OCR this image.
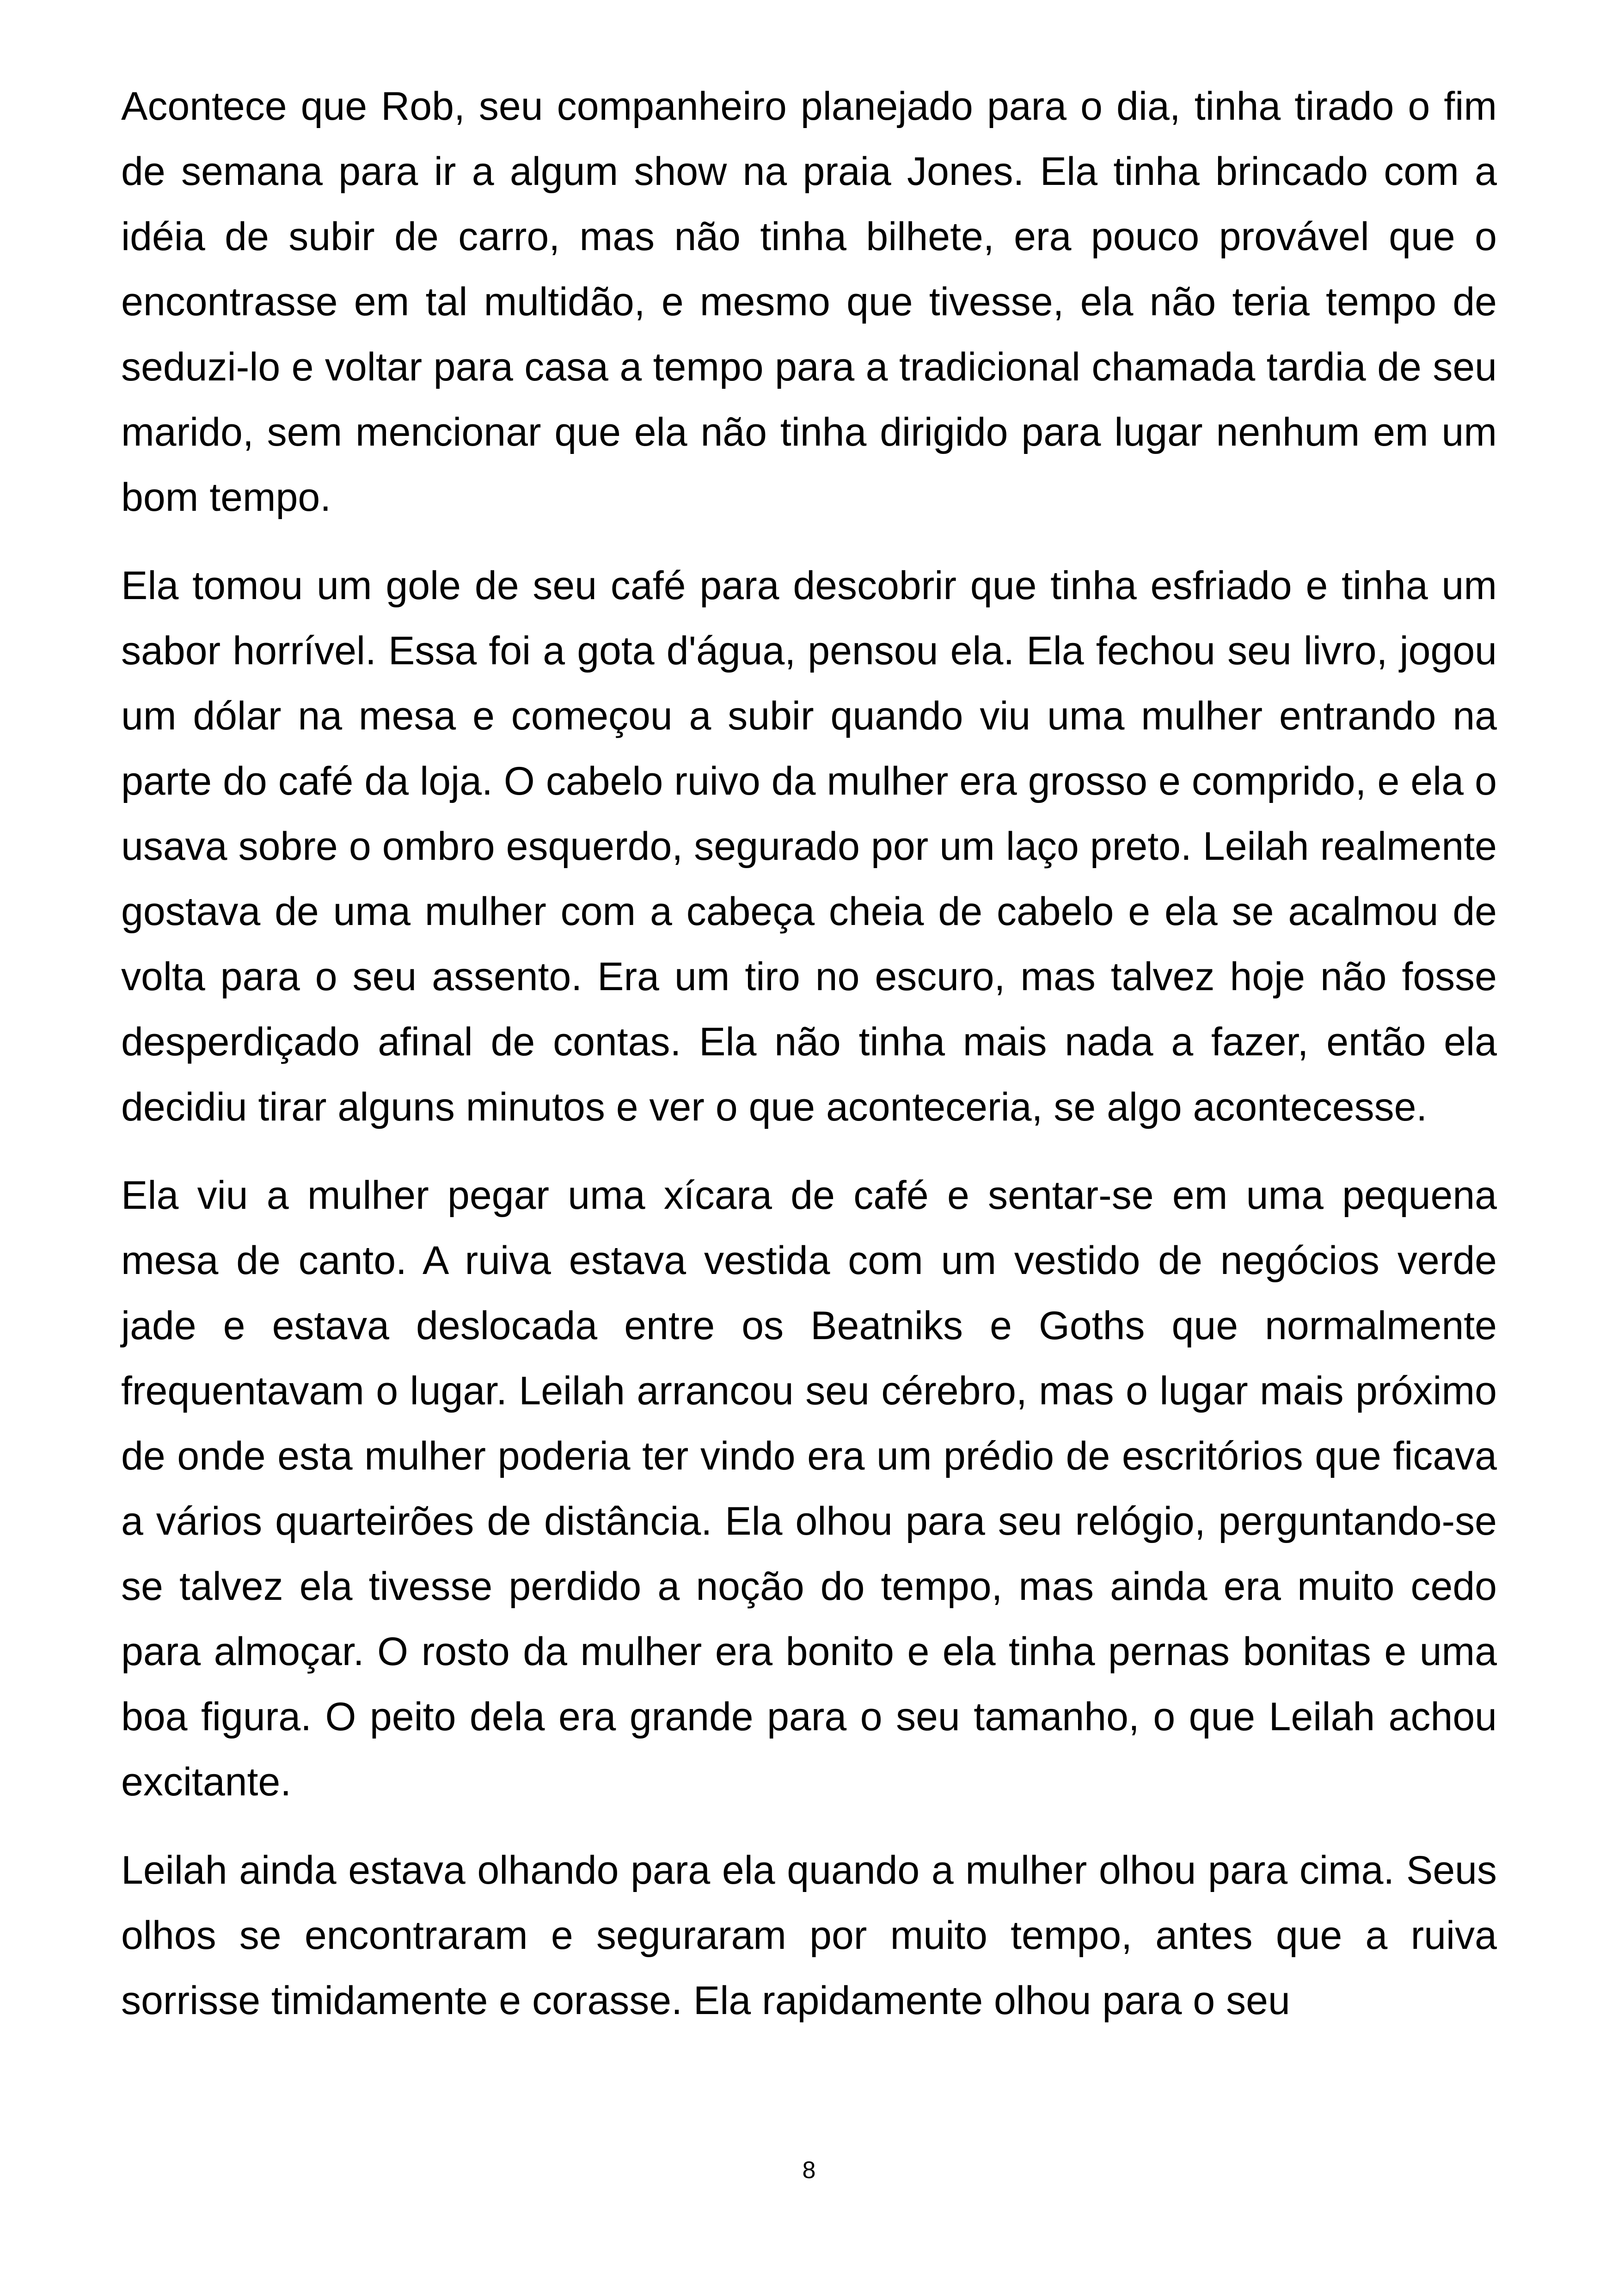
Acontece que Rob, seu companheiro planejado para o dia, tinha tirado o fim de semana para ir a algum show na praia Jones. Ela tinha brincado com a idéia de subir de carro, mas não tinha bilhete, era pouco provável que o encontrasse em tal multidão, e mesmo que tivesse, ela não teria tempo de seduzi-lo e voltar para casa a tempo para a tradicional chamada tardia de seu marido, sem mencionar que ela não tinha dirigido para lugar nenhum em um bom tempo.

Ela tomou um gole de seu café para descobrir que tinha esfriado e tinha um sabor horrível. Essa foi a gota d'água, pensou ela. Ela fechou seu livro, jogou um dólar na mesa e começou a subir quando viu uma mulher entrando na parte do café da loja. O cabelo ruivo da mulher era grosso e comprido, e ela o usava sobre o ombro esquerdo, segurado por um laço preto. Leilah realmente gostava de uma mulher com a cabeça cheia de cabelo e ela se acalmou de volta para o seu assento. Era um tiro no escuro, mas talvez hoje não fosse desperdiçado afinal de contas. Ela não tinha mais nada a fazer, então ela decidiu tirar alguns minutos e ver o que aconteceria, se algo acontecesse.

Ela viu a mulher pegar uma xícara de café e sentar-se em uma pequena mesa de canto. A ruiva estava vestida com um vestido de negócios verde jade e estava deslocada entre os Beatniks e Goths que normalmente frequentavam o lugar. Leilah arrancou seu cérebro, mas o lugar mais próximo de onde esta mulher poderia ter vindo era um prédio de escritórios que ficava a vários quarteirões de distância. Ela olhou para seu relógio, perguntando-se se talvez ela tivesse perdido a noção do tempo, mas ainda era muito cedo para almoçar. O rosto da mulher era bonito e ela tinha pernas bonitas e uma boa figura. O peito dela era grande para o seu tamanho, o que Leilah achou excitante.

Leilah ainda estava olhando para ela quando a mulher olhou para cima. Seus olhos se encontraram e seguraram por muito tempo, antes que a ruiva sorrisse timidamente e corasse. Ela rapidamente olhou para o seu

8
